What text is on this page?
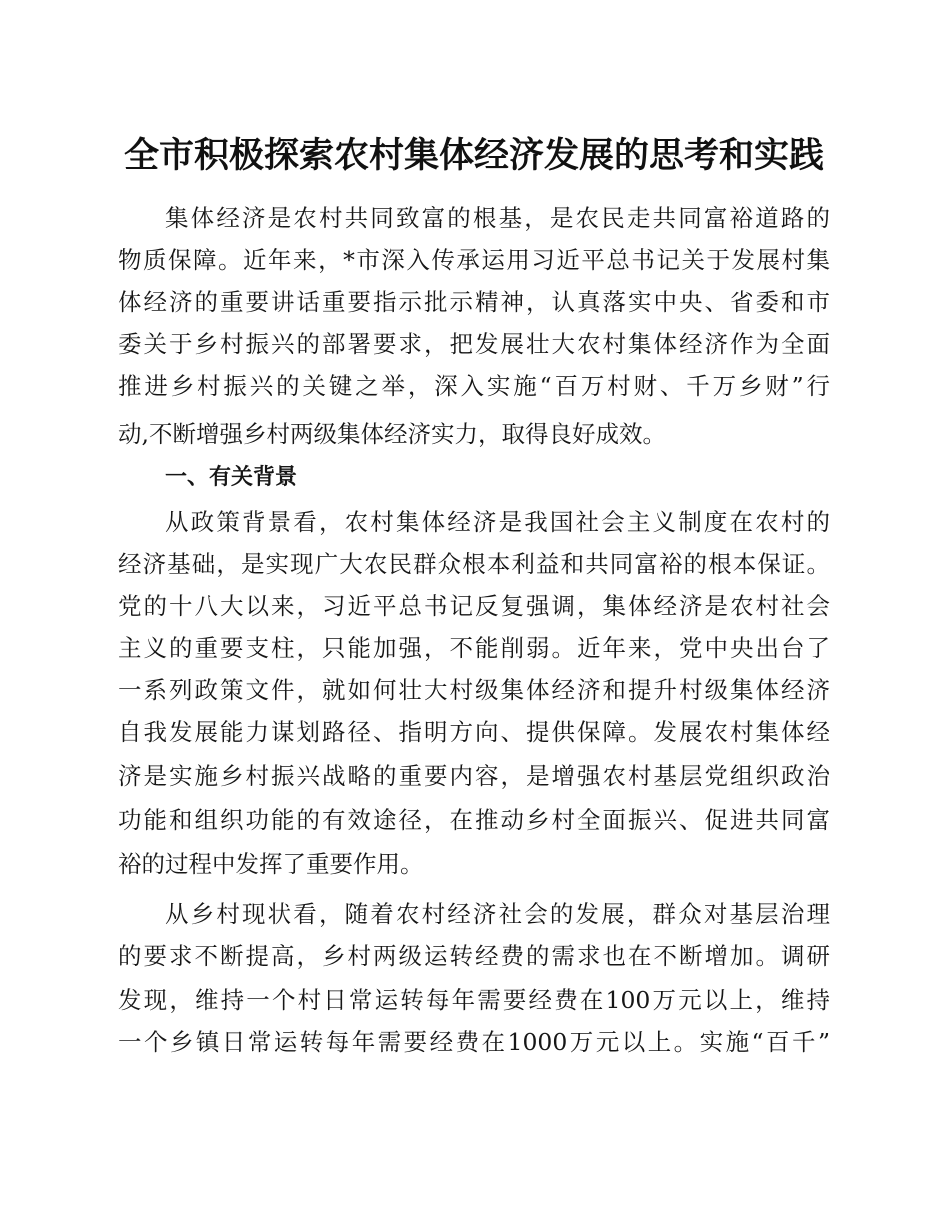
全市积极探索农村集体经济发展的思考和实践
集体经济是农村共同致富的根基，是农民走共同富裕道路的
物质保障。近年来，*市深入传承运用习近平总书记关于发展村集
体经济的重要讲话重要指示批示精神，认真落实中央、省委和市
委关于乡村振兴的部署要求，把发展壮大农村集体经济作为全面
推进乡村振兴的关键之举，深入实施“百万村财、千万乡财”行
动,不断增强乡村两级集体经济实力，取得良好成效。
一、有关背景
从政策背景看，农村集体经济是我国社会主义制度在农村的
经济基础，是实现广大农民群众根本利益和共同富裕的根本保证。
党的十八大以来，习近平总书记反复强调，集体经济是农村社会
主义的重要支柱，只能加强，不能削弱。近年来，党中央出台了
一系列政策文件，就如何壮大村级集体经济和提升村级集体经济
自我发展能力谋划路径、指明方向、提供保障。发展农村集体经
济是实施乡村振兴战略的重要内容，是增强农村基层党组织政治
功能和组织功能的有效途径，在推动乡村全面振兴、促进共同富
裕的过程中发挥了重要作用。
从乡村现状看，随着农村经济社会的发展，群众对基层治理
的要求不断提高，乡村两级运转经费的需求也在不断增加。调研
发现，维持一个村日常运转每年需要经费在100万元以上，维持
一个乡镇日常运转每年需要经费在1000万元以上。实施“百千”
